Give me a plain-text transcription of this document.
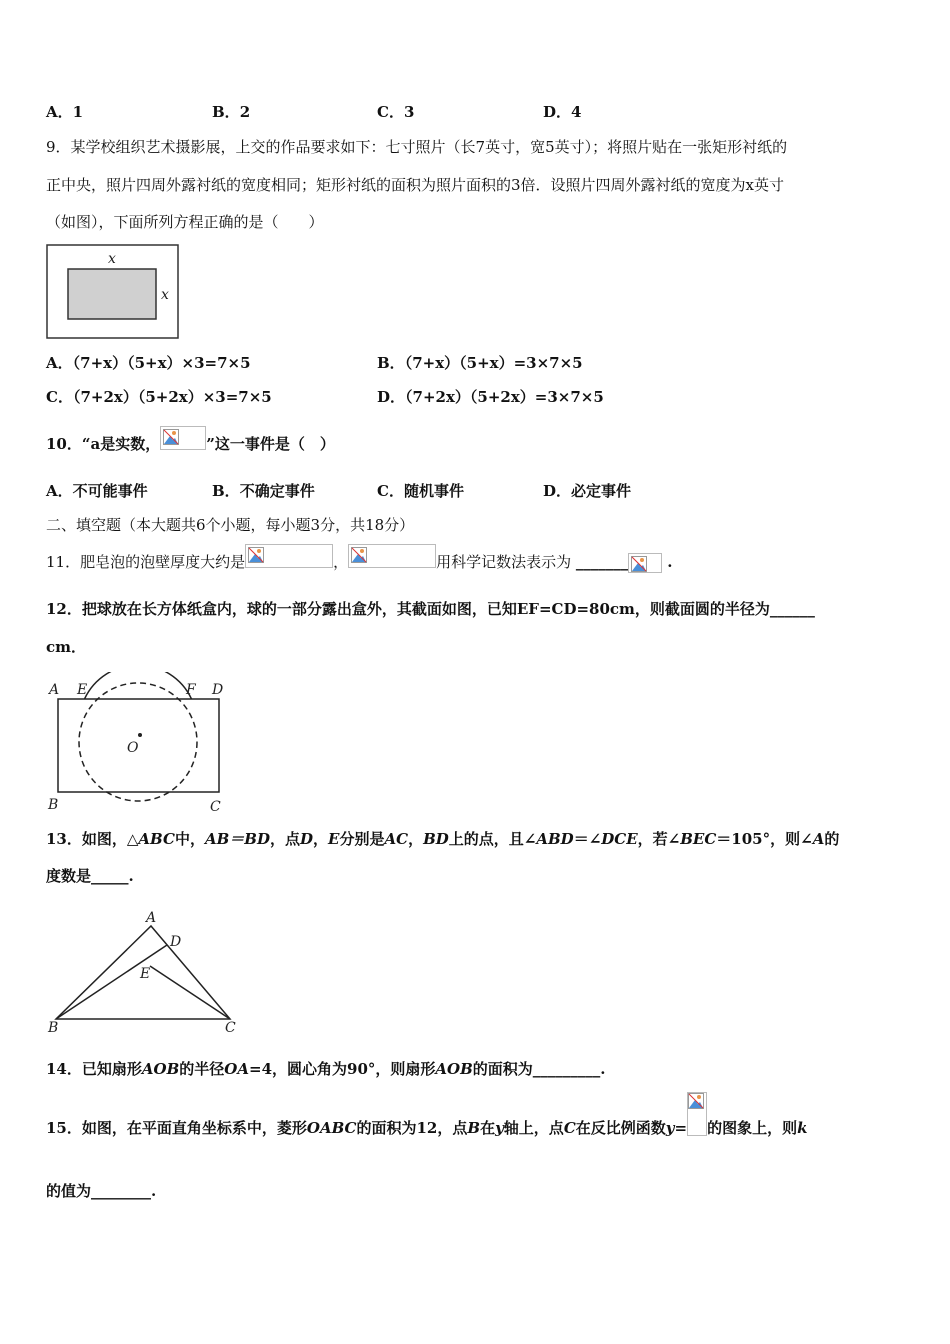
A．1	B．2	C．3	D．4
9．某学校组织艺术摄影展，上交的作品要求如下：七寸照片（长7英寸，宽5英寸）；将照片贴在一张矩形衬纸的
正中央，照片四周外露衬纸的宽度相同；矩形衬纸的面积为照片面积的3倍．设照片四周外露衬纸的宽度为x英寸
（如图），下面所列方程正确的是（　　）
x
x
A．（7+x）（5+x）×3=7×5	B．（7+x）（5+x）=3×7×5
C．（7+2x）（5+2x）×3=7×5	D．（7+2x）（5+2x）=3×7×5
10．“a是实数，	”这一事件是（　）
A．不可能事件	B．不确定事件	C．随机事件	D．必定事件
二、填空题（本大题共6个小题，每小题3分，共18分）
11．肥皂泡的泡壁厚度大约是	，	用科学记数法表示为 _______	.
12．把球放在长方体纸盒内，球的一部分露出盒外，其截面如图，已知EF=CD=80cm，则截面圆的半径为______
cm．
A E	F D
O
B	C
13．如图，△ABC中，AB＝BD，点D，E分别是AC，BD上的点，且∠ABD＝∠DCE，若∠BEC＝105°，则∠A的
度数是_____.
A
D
E
B	C
14．已知扇形AOB的半径OA=4，圆心角为90°，则扇形AOB的面积为_________.
15．如图，在平面直角坐标系中，菱形OABC的面积为12，点B在y轴上，点C在反比例函数y= 的图象上，则k
的值为________.
